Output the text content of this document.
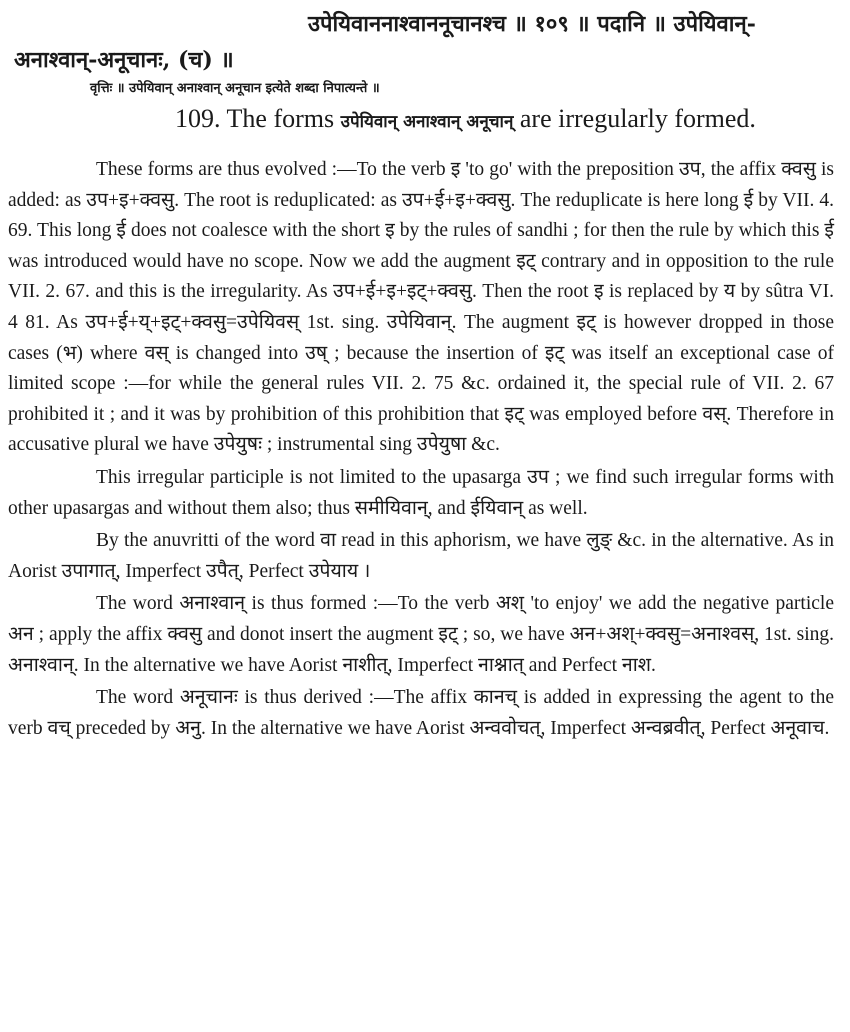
उपेयिवाननाश्वाननूचानश्च ॥ १०९ ॥ पदानि ॥ उपेयिवान्-
अनाश्वान्-अनूचानः, (च) ॥

वृत्तिः ॥ उपेयिवान् अनाश्वान् अनूचान इत्येते शब्दा निपात्यन्ते ॥

109. The forms उपेयिवान् अनाश्वान् अनूचान् are irregularly formed.

These forms are thus evolved :—To the verb इ 'to go' with the preposition उप, the affix क्वसु is added: as उप+इ+क्वसु. The root is reduplicated: as उप+ई+इ+क्वसु. The reduplicate is here long ई by VII. 4. 69. This long ई does not coalesce with the short इ by the rules of sandhi ; for then the rule by which this ई was introduced would have no scope. Now we add the augment इट् contrary and in opposition to the rule VII. 2. 67. and this is the irregularity. As उप+ई+इ+इट्+क्वसु. Then the root इ is replaced by य by sûtra VI. 4 81. As उप+ई+य्+इट्+क्वसु=उपेयिवस् 1st. sing. उपेयिवान्. The augment इट् is however dropped in those cases (भ) where वस् is changed into उष् ; because the insertion of इट् was itself an exceptional case of limited scope :—for while the general rules VII. 2. 75 &c. ordained it, the special rule of VII. 2. 67 prohibited it ; and it was by prohibition of this prohibition that इट् was employed before वस्. Therefore in accusative plural we have उपेयुषः ; instrumental sing उपेयुषा &c.

This irregular participle is not limited to the upasarga उप ; we find such irregular forms with other upasargas and without them also; thus समीयिवान्, and ईयिवान् as well.

By the anuvritti of the word वा read in this aphorism, we have लुङ् &c. in the alternative. As in Aorist उपागात्, Imperfect उपैत्, Perfect उपेयाय ।

The word अनाश्वान् is thus formed :—To the verb अश् 'to enjoy' we add the negative particle अन ; apply the affix क्वसु and donot insert the augment इट् ; so, we have अन+अश्+क्वसु=अनाश्वस्, 1st. sing. अनाश्वान्. In the alternative we have Aorist नाशीत्, Imperfect नाश्नात् and Perfect नाश.

The word अनूचानः is thus derived :—The affix कानच् is added in expressing the agent to the verb वच् preceded by अनु. In the alternative we have Aorist अन्ववोचत्, Imperfect अन्वब्रवीत्, Perfect अनूवाच.
